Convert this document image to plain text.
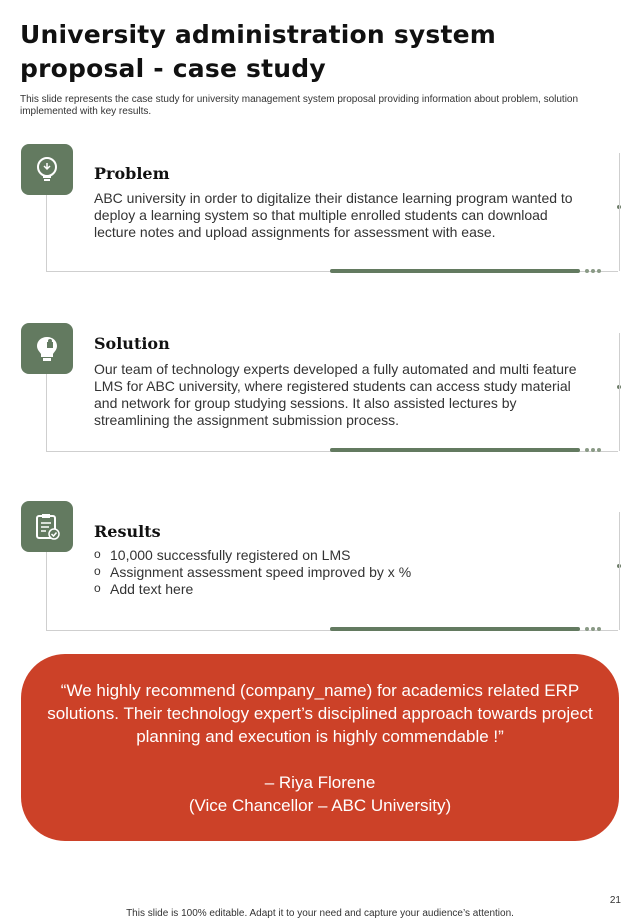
University administration system proposal - case study
This slide represents the case study for university management system proposal providing information about problem, solution implemented with key results.
Problem
ABC university in order to digitalize their distance learning program wanted to deploy a learning system so that multiple enrolled students can download lecture notes and upload assignments for assessment with ease.
Solution
Our team of technology experts developed a fully automated and multi feature LMS for ABC university, where registered students can access study material and network for group studying sessions. It also assisted lectures by streamlining the assignment submission process.
Results
o 10,000 successfully registered on LMS
o Assignment assessment speed improved by x %
o Add text here
“We highly recommend (company_name) for academics related ERP solutions. Their technology expert’s disciplined approach towards project planning and execution is highly commendable !”
– Riya Florene
(Vice Chancellor – ABC University)
21
This slide is 100% editable. Adapt it to your need and capture your audience’s attention.
